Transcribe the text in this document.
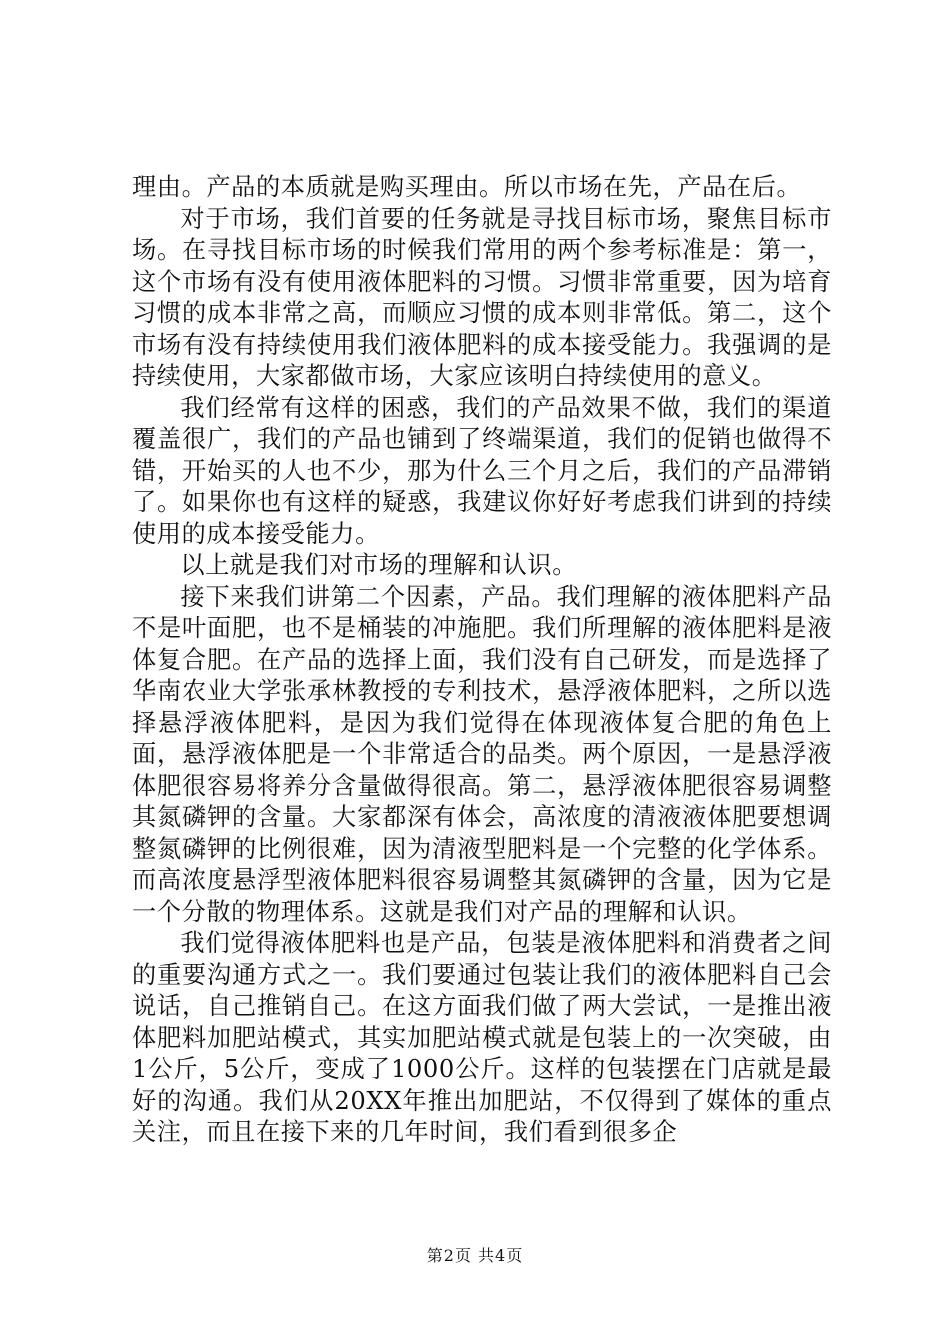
理由。产品的本质就是购买理由。所以市场在先，产品在后。

对于市场，我们首要的任务就是寻找目标市场，聚焦目标市场。在寻找目标市场的时候我们常用的两个参考标准是：第一，这个市场有没有使用液体肥料的习惯。习惯非常重要，因为培育习惯的成本非常之高，而顺应习惯的成本则非常低。第二，这个市场有没有持续使用我们液体肥料的成本接受能力。我强调的是持续使用，大家都做市场，大家应该明白持续使用的意义。

我们经常有这样的困惑，我们的产品效果不做，我们的渠道覆盖很广，我们的产品也铺到了终端渠道，我们的促销也做得不错，开始买的人也不少，那为什么三个月之后，我们的产品滞销了。如果你也有这样的疑惑，我建议你好好考虑我们讲到的持续使用的成本接受能力。

以上就是我们对市场的理解和认识。

接下来我们讲第二个因素，产品。我们理解的液体肥料产品不是叶面肥，也不是桶装的冲施肥。我们所理解的液体肥料是液体复合肥。在产品的选择上面，我们没有自己研发，而是选择了华南农业大学张承林教授的专利技术，悬浮液体肥料，之所以选择悬浮液体肥料，是因为我们觉得在体现液体复合肥的角色上面，悬浮液体肥是一个非常适合的品类。两个原因，一是悬浮液体肥很容易将养分含量做得很高。第二，悬浮液体肥很容易调整其氮磷钾的含量。大家都深有体会，高浓度的清液液体肥要想调整氮磷钾的比例很难，因为清液型肥料是一个完整的化学体系。而高浓度悬浮型液体肥料很容易调整其氮磷钾的含量，因为它是一个分散的物理体系。这就是我们对产品的理解和认识。

我们觉得液体肥料也是产品，包装是液体肥料和消费者之间的重要沟通方式之一。我们要通过包装让我们的液体肥料自己会说话，自己推销自己。在这方面我们做了两大尝试，一是推出液体肥料加肥站模式，其实加肥站模式就是包装上的一次突破，由1公斤，5公斤，变成了1000公斤。这样的包装摆在门店就是最好的沟通。我们从20XX年推出加肥站，不仅得到了媒体的重点关注，而且在接下来的几年时间，我们看到很多企

第2页 共4页
